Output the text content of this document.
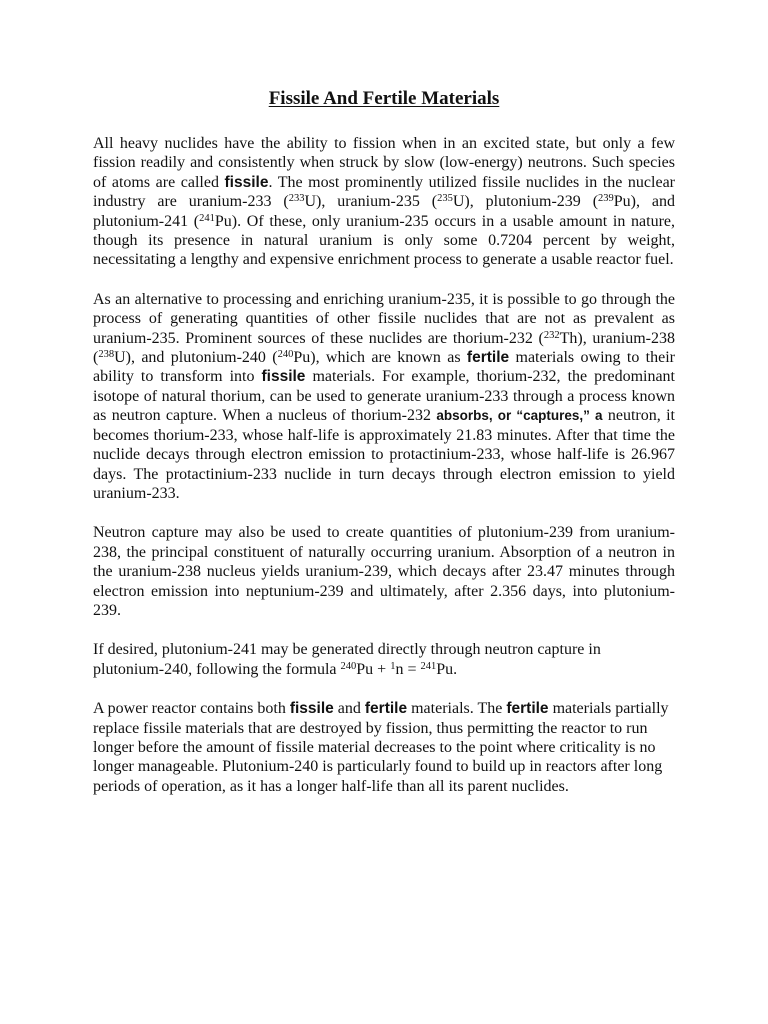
Fissile And Fertile Materials

All heavy nuclides have the ability to fission when in an excited state, but only a few fission readily and consistently when struck by slow (low-energy) neutrons. Such species of atoms are called fissile. The most prominently utilized fissile nuclides in the nuclear industry are uranium-233 ($^{233}$U), uranium-235 ($^{235}$U), plutonium-239 ($^{239}$Pu), and plutonium-241 ($^{241}$Pu). Of these, only uranium-235 occurs in a usable amount in nature, though its presence in natural uranium is only some 0.7204 percent by weight, necessitating a lengthy and expensive enrichment process to generate a usable reactor fuel.

As an alternative to processing and enriching uranium-235, it is possible to go through the process of generating quantities of other fissile nuclides that are not as prevalent as uranium-235. Prominent sources of these nuclides are thorium-232 ($^{232}$Th), uranium-238 ($^{238}$U), and plutonium-240 ($^{240}$Pu), which are known as fertile materials owing to their ability to transform into fissile materials. For example, thorium-232, the predominant isotope of natural thorium, can be used to generate uranium-233 through a process known as neutron capture. When a nucleus of thorium-232 absorbs, or “captures,” a neutron, it becomes thorium-233, whose half-life is approximately 21.83 minutes. After that time the nuclide decays through electron emission to protactinium-233, whose half-life is 26.967 days. The protactinium-233 nuclide in turn decays through electron emission to yield uranium-233.

Neutron capture may also be used to create quantities of plutonium-239 from uranium-238, the principal constituent of naturally occurring uranium. Absorption of a neutron in the uranium-238 nucleus yields uranium-239, which decays after 23.47 minutes through electron emission into neptunium-239 and ultimately, after 2.356 days, into plutonium-239.

If desired, plutonium-241 may be generated directly through neutron capture in plutonium-240, following the formula $^{240}$Pu + $^1$n = $^{241}$Pu.

A power reactor contains both fissile and fertile materials. The fertile materials partially replace fissile materials that are destroyed by fission, thus permitting the reactor to run longer before the amount of fissile material decreases to the point where criticality is no longer manageable. Plutonium-240 is particularly found to build up in reactors after long periods of operation, as it has a longer half-life than all its parent nuclides.
